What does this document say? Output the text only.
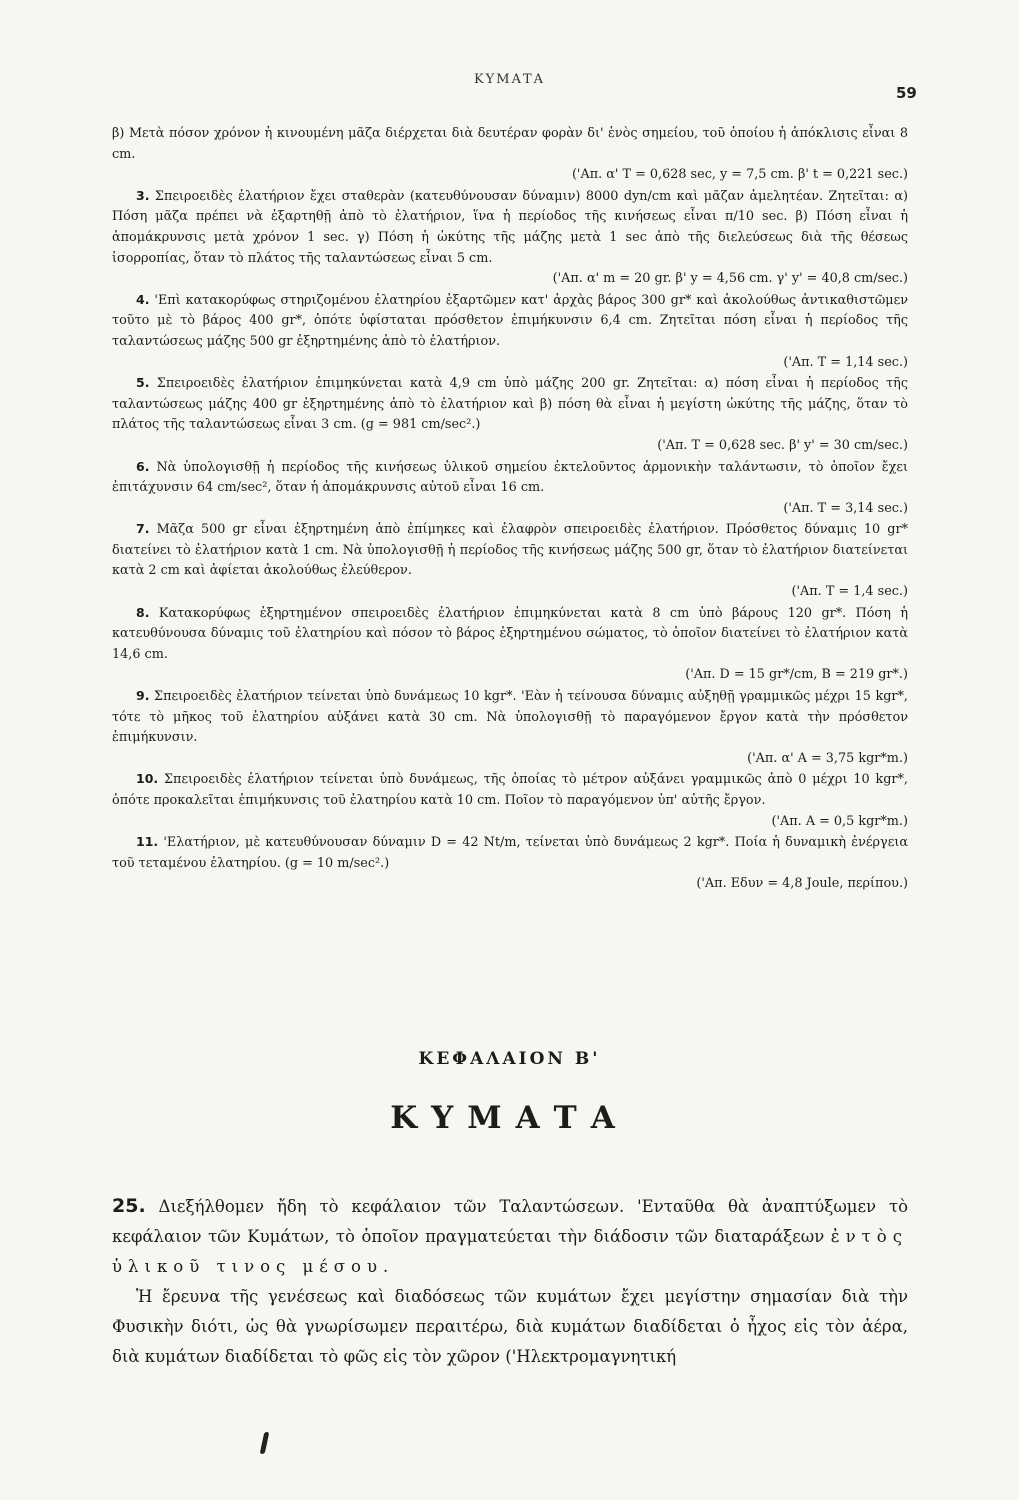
ΚΥΜΑΤΑ
59

β) Μετὰ πόσον χρόνον ἡ κινουμένη μᾶζα διέρχεται διὰ δευτέραν φορὰν δι' ἑνὸς σημείου, τοῦ ὁποίου ἡ ἀπόκλισις εἶναι 8 cm.

('Απ. α' T = 0,628 sec, y = 7,5 cm. β' t = 0,221 sec.)

3. Σπειροειδὲς ἐλατήριον ἔχει σταθερὰν (κατευθύνουσαν δύναμιν) 8000 dyn/cm καὶ μᾶζαν ἀμελητέαν. Ζητεῖται: α) Πόση μᾶζα πρέπει νὰ ἐξαρτηθῇ ἀπὸ τὸ ἐλατήριον, ἵνα ἡ περίοδος τῆς κινήσεως εἶναι π/10 sec. β) Πόση εἶναι ἡ ἀπομάκρυνσις μετὰ χρόνον 1 sec. γ) Πόση ἡ ὠκύτης τῆς μάζης μετὰ 1 sec ἀπὸ τῆς διελεύσεως διὰ τῆς θέσεως ἰσορροπίας, ὅταν τὸ πλάτος τῆς ταλαντώσεως εἶναι 5 cm.

('Απ. α' m = 20 gr. β' y = 4,56 cm. γ' y' = 40,8 cm/sec.)

4. 'Επὶ κατακορύφως στηριζομένου ἐλατηρίου ἐξαρτῶμεν κατ' ἀρχὰς βάρος 300 gr* καὶ ἀκολούθως ἀντικαθιστῶμεν τοῦτο μὲ τὸ βάρος 400 gr*, ὁπότε ὑφίσταται πρόσθετον ἐπιμήκυνσιν 6,4 cm. Ζητεῖται πόση εἶναι ἡ περίοδος τῆς ταλαντώσεως μάζης 500 gr ἐξηρτημένης ἀπὸ τὸ ἐλατήριον.

('Απ. T = 1,14 sec.)

5. Σπειροειδὲς ἐλατήριον ἐπιμηκύνεται κατὰ 4,9 cm ὑπὸ μάζης 200 gr. Ζητεῖται: α) πόση εἶναι ἡ περίοδος τῆς ταλαντώσεως μάζης 400 gr ἐξηρτημένης ἀπὸ τὸ ἐλατήριον καὶ β) πόση θὰ εἶναι ἡ μεγίστη ὠκύτης τῆς μάζης, ὅταν τὸ πλάτος τῆς ταλαντώσεως εἶναι 3 cm. (g = 981 cm/sec².)

('Απ. T = 0,628 sec. β' y' = 30 cm/sec.)

6. Νὰ ὑπολογισθῇ ἡ περίοδος τῆς κινήσεως ὑλικοῦ σημείου ἐκτελοῦντος ἁρμονικὴν ταλάντωσιν, τὸ ὁποῖον ἔχει ἐπιτάχυνσιν 64 cm/sec², ὅταν ἡ ἀπομάκρυνσις αὐτοῦ εἶναι 16 cm.

('Απ. T = 3,14 sec.)

7. Μᾶζα 500 gr εἶναι ἐξηρτημένη ἀπὸ ἐπίμηκες καὶ ἐλαφρὸν σπειροειδὲς ἐλατήριον. Πρόσθετος δύναμις 10 gr* διατείνει τὸ ἐλατήριον κατὰ 1 cm. Νὰ ὑπολογισθῇ ἡ περίοδος τῆς κινήσεως μάζης 500 gr, ὅταν τὸ ἐλατήριον διατείνεται κατὰ 2 cm καὶ ἀφίεται ἀκολούθως ἐλεύθερον.

('Απ. T = 1,4 sec.)

8. Κατακορύφως ἐξηρτημένον σπειροειδὲς ἐλατήριον ἐπιμηκύνεται κατὰ 8 cm ὑπὸ βάρους 120 gr*. Πόση ἡ κατευθύνουσα δύναμις τοῦ ἐλατηρίου καὶ πόσον τὸ βάρος ἐξηρτημένου σώματος, τὸ ὁποῖον διατείνει τὸ ἐλατήριον κατὰ 14,6 cm.

('Απ. D = 15 gr*/cm, B = 219 gr*.)

9. Σπειροειδὲς ἐλατήριον τείνεται ὑπὸ δυνάμεως 10 kgr*. 'Εὰν ἡ τείνουσα δύναμις αὐξηθῇ γραμμικῶς μέχρι 15 kgr*, τότε τὸ μῆκος τοῦ ἐλατηρίου αὐξάνει κατὰ 30 cm. Νὰ ὑπολογισθῇ τὸ παραγόμενον ἔργον κατὰ τὴν πρόσθετον ἐπιμήκυνσιν.

('Απ. α' A = 3,75 kgr*m.)

10. Σπειροειδὲς ἐλατήριον τείνεται ὑπὸ δυνάμεως, τῆς ὁποίας τὸ μέτρον αὐξάνει γραμμικῶς ἀπὸ 0 μέχρι 10 kgr*, ὁπότε προκαλεῖται ἐπιμήκυνσις τοῦ ἐλατηρίου κατὰ 10 cm. Ποῖον τὸ παραγόμενον ὑπ' αὐτῆς ἔργον.

('Απ. A = 0,5 kgr*m.)

11. 'Ελατήριον, μὲ κατευθύνουσαν δύναμιν D = 42 Nt/m, τείνεται ὑπὸ δυνάμεως 2 kgr*. Ποία ἡ δυναμικὴ ἐνέργεια τοῦ τεταμένου ἐλατηρίου. (g = 10 m/sec².)

('Απ. Eδυν = 4,8 Joule, περίπου.)

ΚΕΦΑΛΑΙΟΝ Β'
ΚΥΜΑΤΑ

25. Διεξήλθομεν ἤδη τὸ κεφάλαιον τῶν Ταλαντώσεων. 'Ενταῦθα θὰ ἀναπτύξωμεν τὸ κεφάλαιον τῶν Κυμάτων, τὸ ὁποῖον πραγματεύεται τὴν διάδοσιν τῶν διαταράξεων ἐντὸς ὑλικοῦ τινος μέσου.

Ἡ ἔρευνα τῆς γενέσεως καὶ διαδόσεως τῶν κυμάτων ἔχει μεγίστην σημασίαν διὰ τὴν Φυσικὴν διότι, ὡς θὰ γνωρίσωμεν περαιτέρω, διὰ κυμάτων διαδίδεται ὁ ἦχος εἰς τὸν ἀέρα, διὰ κυμάτων διαδίδεται τὸ φῶς εἰς τὸν χῶρον ('Ηλεκτρομαγνητική
